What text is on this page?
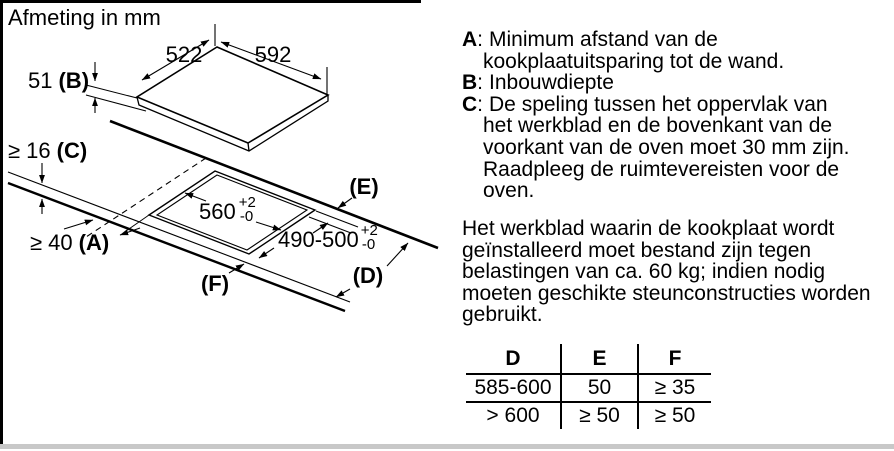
Afmeting in mm
522 592
51 (B)
≥ 16 (C)
≥ 40 (A)
560 $^{+2}$ -0
490-500 $^{+2}$ -0
(E)
(D)
(F)
A: Minimum afstand van de
kookplaatuitsparing tot de wand.
B: Inbouwdiepte
C: De speling tussen het oppervlak van
het werkblad en de bovenkant van de
voorkant van de oven moet 30 mm zijn.
Raadpleeg de ruimtevereisten voor de
oven.
Het werkblad waarin de kookplaat wordt
geïnstalleerd moet bestand zijn tegen
belastingen van ca. 60 kg; indien nodig
moeten geschikte steunconstructies worden
gebruikt.
D	E	F
585-600	50	≥ 35
> 600	≥ 50	≥ 50
